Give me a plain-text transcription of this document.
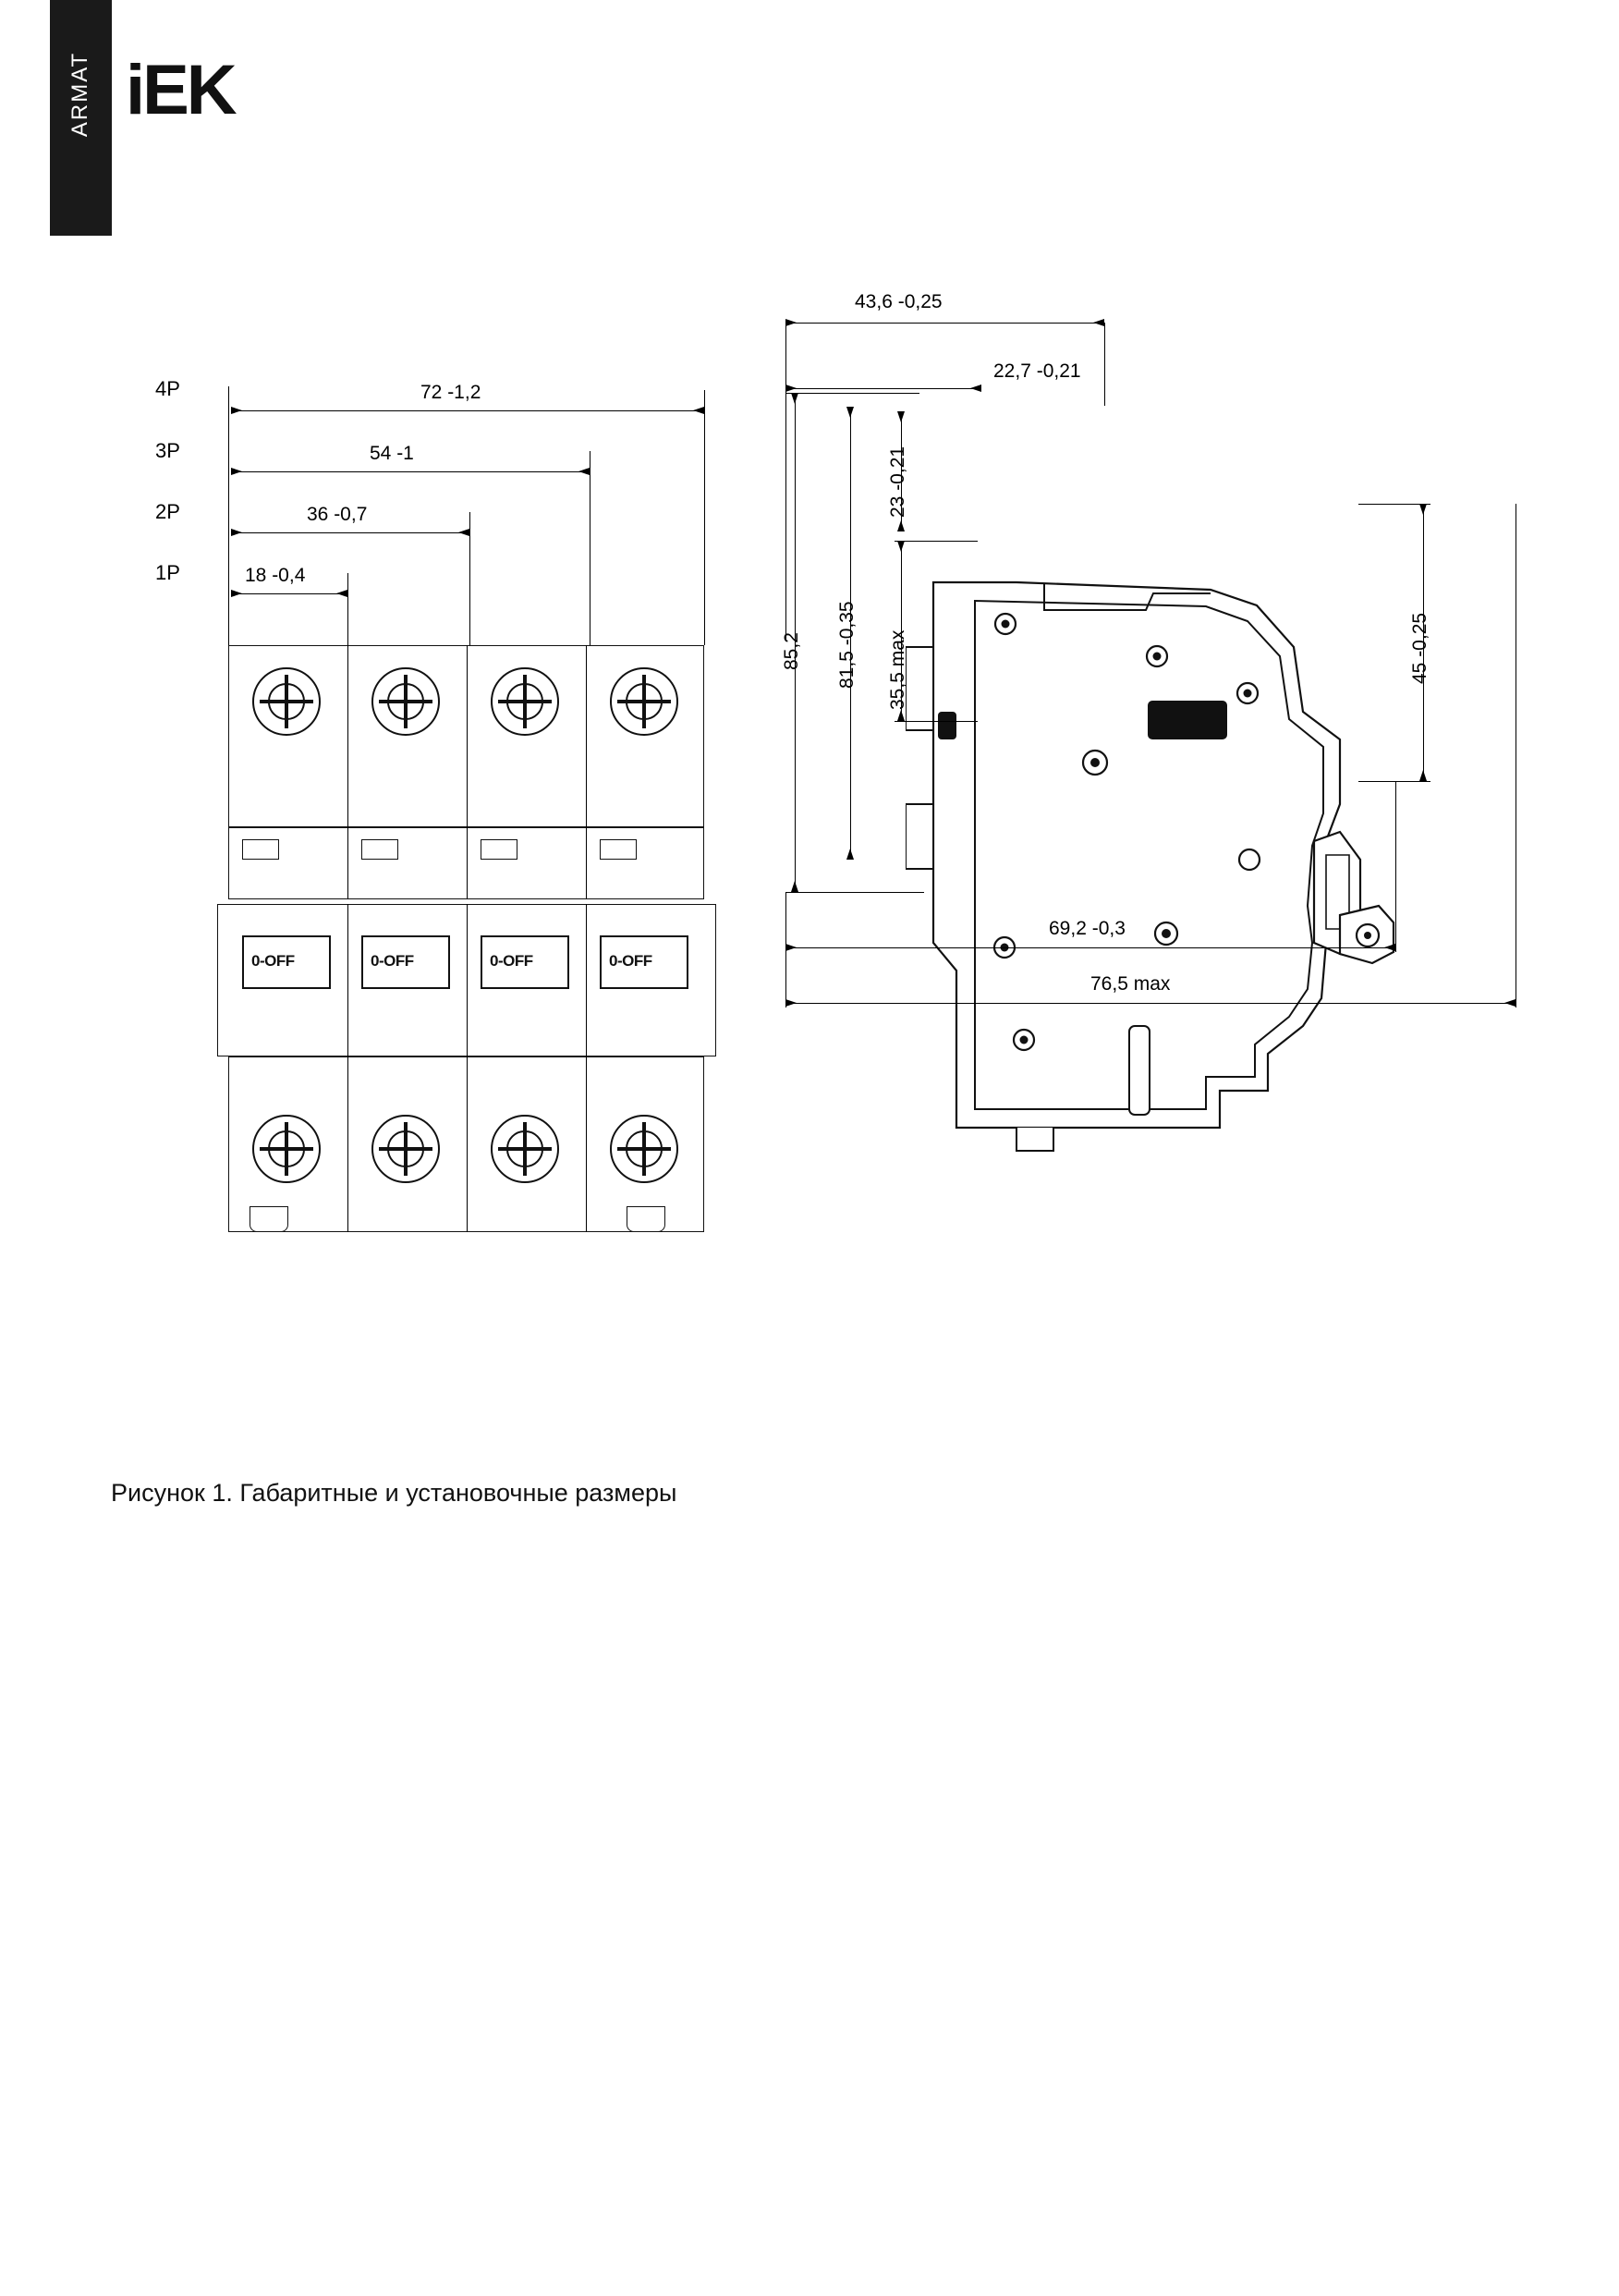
ARMAT iEK
4P
3P
2P
1P
72 -1,2
54 -1
36 -0,7
18 -0,4
0-OFF	0-OFF	0-OFF	0-OFF
43,6 -0,25
22,7 -0,21
23 -0,21
35,5 max
81,5 -0,35
85,2	45 -0,25
69,2 -0,3
76,5 max
Рисунок 1. Габаритные и установочные размеры
